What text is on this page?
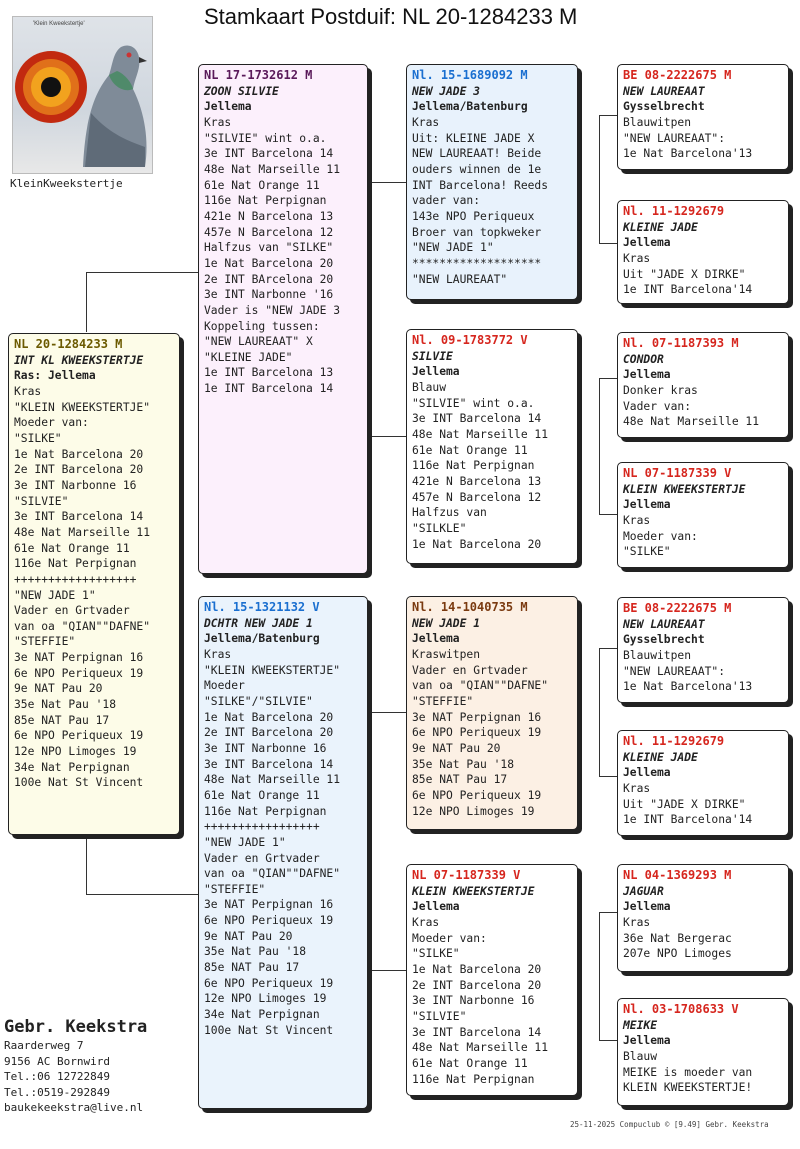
Stamkaart Postduif: NL 20-1284233 M
'Klein Kweekstertje'
KleinKweekstertje
NL 20-1284233 M
INT KL KWEEKSTERTJE
Ras: Jellema
Kras
"KLEIN KWEEKSTERTJE"
Moeder van:
"SILKE"
1e Nat Barcelona 20
2e INT Barcelona 20
3e INT Narbonne 16
"SILVIE"
3e INT Barcelona 14
48e Nat Marseille 11
61e Nat Orange 11
116e Nat Perpignan
++++++++++++++++++
"NEW JADE 1"
Vader en Grtvader
van oa "QIAN""DAFNE"
"STEFFIE"
3e NAT Perpignan 16
6e NPO Periqueux 19
9e NAT Pau 20
35e Nat Pau '18
85e NAT Pau 17
6e NPO Periqueux 19
12e NPO Limoges 19
34e Nat Perpignan
100e Nat St Vincent
NL 17-1732612 M
ZOON SILVIE
Jellema
Kras
"SILVIE" wint o.a.
3e INT Barcelona 14
48e Nat Marseille 11
61e Nat Orange 11
116e Nat Perpignan
421e N Barcelona 13
457e N Barcelona 12
Halfzus van "SILKE"
1e Nat Barcelona 20
2e INT BArcelona 20
3e INT Narbonne '16
Vader is "NEW JADE 3
Koppeling tussen:
"NEW LAUREAAT" X
"KLEINE JADE"
1e INT Barcelona 13
1e INT Barcelona 14
Nl. 15-1321132 V
DCHTR NEW JADE 1
Jellema/Batenburg
Kras
"KLEIN KWEEKSTERTJE"
Moeder
"SILKE"/"SILVIE"
1e Nat Barcelona 20
2e INT Barcelona 20
3e INT Narbonne 16
3e INT Barcelona 14
48e Nat Marseille 11
61e Nat Orange 11
116e Nat Perpignan
+++++++++++++++++
"NEW JADE 1"
Vader en Grtvader
van oa "QIAN""DAFNE"
"STEFFIE"
3e NAT Perpignan 16
6e NPO Periqueux 19
9e NAT Pau 20
35e Nat Pau '18
85e NAT Pau 17
6e NPO Periqueux 19
12e NPO Limoges 19
34e Nat Perpignan
100e Nat St Vincent
Nl. 15-1689092 M
NEW JADE 3
Jellema/Batenburg
Kras
Uit: KLEINE JADE X
NEW LAUREAAT! Beide
ouders winnen de 1e
INT Barcelona! Reeds
vader van:
143e NPO Periqueux
Broer van topkweker
"NEW JADE 1"
*******************
"NEW LAUREAAT"
Nl. 09-1783772 V
SILVIE
Jellema
Blauw
"SILVIE" wint o.a.
3e INT Barcelona 14
48e Nat Marseille 11
61e Nat Orange 11
116e Nat Perpignan
421e N Barcelona 13
457e N Barcelona 12
Halfzus van
"SILKLE"
1e Nat Barcelona 20
Nl. 14-1040735 M
NEW JADE 1
Jellema
Kraswitpen
Vader en Grtvader
van oa "QIAN""DAFNE"
"STEFFIE"
3e NAT Perpignan 16
6e NPO Periqueux 19
9e NAT Pau 20
35e Nat Pau '18
85e NAT Pau 17
6e NPO Periqueux 19
12e NPO Limoges 19
NL 07-1187339 V
KLEIN KWEEKSTERTJE
Jellema
Kras
Moeder van:
"SILKE"
1e Nat Barcelona 20
2e INT Barcelona 20
3e INT Narbonne 16
"SILVIE"
3e INT Barcelona 14
48e Nat Marseille 11
61e Nat Orange 11
116e Nat Perpignan
BE 08-2222675 M
NEW LAUREAAT
Gysselbrecht
Blauwitpen
"NEW LAUREAAT":
1e Nat Barcelona'13
Nl. 11-1292679
KLEINE JADE
Jellema
Kras
Uit "JADE X DIRKE"
1e INT Barcelona'14
Nl. 07-1187393 M
CONDOR
Jellema
Donker kras
Vader van:
48e Nat Marseille 11
NL 07-1187339 V
KLEIN KWEEKSTERTJE
Jellema
Kras
Moeder van:
"SILKE"
BE 08-2222675 M
NEW LAUREAAT
Gysselbrecht
Blauwitpen
"NEW LAUREAAT":
1e Nat Barcelona'13
Nl. 11-1292679
KLEINE JADE
Jellema
Kras
Uit "JADE X DIRKE"
1e INT Barcelona'14
NL 04-1369293 M
JAGUAR
Jellema
Kras
36e Nat Bergerac
207e NPO Limoges
Nl. 03-1708633 V
MEIKE
Jellema
Blauw
MEIKE is moeder van
KLEIN KWEEKSTERTJE!
Gebr. Keekstra
Raarderweg 7
9156 AC Bornwird
Tel.:06 12722849
Tel.:0519-292849
baukekeekstra@live.nl
25-11-2025 Compuclub © [9.49] Gebr. Keekstra
